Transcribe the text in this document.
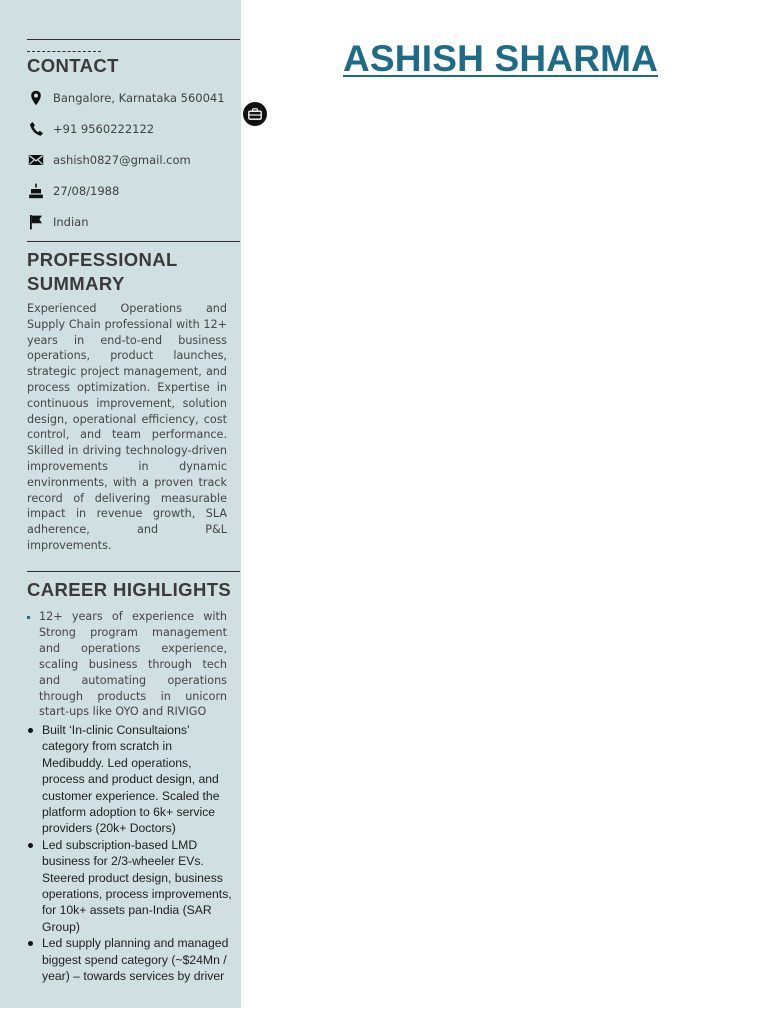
CONTACT
Bangalore, Karnataka 560041
+91 9560222122
ashish0827@gmail.com
27/08/1988
Indian
PROFESSIONAL
SUMMARY

Experienced Operations and Supply Chain professional with 12+ years in end-to-end business operations, product launches, strategic project management, and process optimization. Expertise in continuous improvement, solution design, operational efficiency, cost control, and team performance. Skilled in driving technology-driven improvements in dynamic environments, with a proven track record of delivering measurable impact in revenue growth, SLA adherence, and P&L improvements.

CAREER HIGHLIGHTS

12+ years of experience with Strong program management and operations experience, scaling business through tech and automating operations through products in unicorn start-ups like OYO and RIVIGO

Built ‘In-clinic Consultaions’ category from scratch in Medibuddy. Led operations, process and product design, and customer experience. Scaled the platform adoption to 6k+ service providers (20k+ Doctors)
Led subscription-based LMD business for 2/3-wheeler EVs. Steered product design, business operations, process improvements, for 10k+ assets pan-India (SAR Group)
Led supply planning and managed biggest spend category (~$24Mn / year) – towards services by driver
ASHISH SHARMA
